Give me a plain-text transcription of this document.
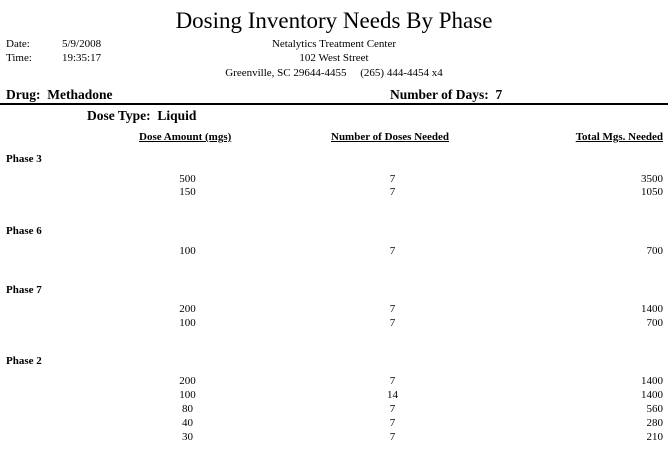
Dosing Inventory Needs By Phase
Date:	5/9/2008
Time:	19:35:17
Netalytics Treatment Center
102 West Street
Greenville, SC 29644-4455 (265) 444-4454 x4
Drug: Methadone	Number of Days: 7
Dose Type: Liquid
Dose Amount (mgs)	Number of Doses Needed	Total Mgs. Needed
Phase 3
500	7	3500
150	7	1050
Phase 6
100	7	700
Phase 7
200	7	1400
100	7	700
Phase 2
200	7	1400
100	14	1400
80	7	560
40	7	280
30	7	210
